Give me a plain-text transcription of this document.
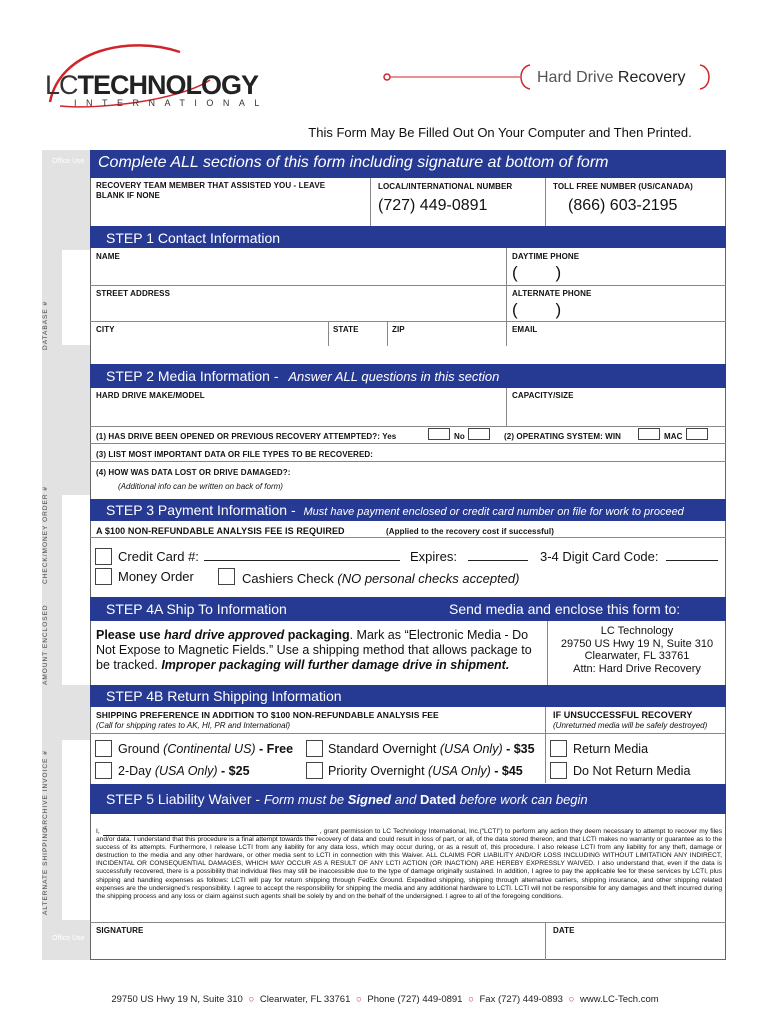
LCTECHNOLOGY
INTERNATIONAL
Hard Drive Recovery
This Form May Be Filled Out On Your Computer and Then Printed.
Office Use
Office Use
Complete ALL sections of this form including signature at bottom of form
RECOVERY TEAM MEMBER THAT ASSISTED YOU - LEAVE BLANK IF NONE
LOCAL/INTERNATIONAL NUMBER
(727) 449-0891
TOLL FREE NUMBER (US/CANADA)
(866) 603-2195
STEP 1 Contact Information
NAME	DAYTIME PHONE
(        )
STREET ADDRESS	ALTERNATE PHONE
(        )
CITY	STATE	ZIP	EMAIL
STEP 2 Media Information - Answer ALL questions in this section
HARD DRIVE MAKE/MODEL	CAPACITY/SIZE
(1) HAS DRIVE BEEN OPENED OR PREVIOUS RECOVERY ATTEMPTED?: Yes	No	(2) OPERATING SYSTEM: WIN	MAC
(3) LIST MOST IMPORTANT DATA OR FILE TYPES TO BE RECOVERED:
(4) HOW WAS DATA LOST OR DRIVE DAMAGED?:
(Additional info can be written on back of form)
STEP 3 Payment Information - Must have payment enclosed or credit card number on file for work to proceed
A $100 NON-REFUNDABLE ANALYSIS FEE IS REQUIRED	(Applied to the recovery cost if successful)
Credit Card #:	Expires:	3-4 Digit Card Code:
Money Order	Cashiers Check (NO personal checks accepted)
STEP 4A Ship To Information	Send media and enclose this form to:
Please use hard drive approved packaging. Mark as “Electronic Media - Do Not Expose to Magnetic Fields.” Use a shipping method that allows package to be tracked. Improper packaging will further damage drive in shipment.
LC Technology
29750 US Hwy 19 N, Suite 310
Clearwater, FL 33761
Attn: Hard Drive Recovery
STEP 4B Return Shipping Information
SHIPPING PREFERENCE IN ADDITION TO $100 NON-REFUNDABLE ANALYSIS FEE
(Call for shipping rates to AK, HI, PR and International)
IF UNSUCCESSFUL RECOVERY
(Unreturned media will be safely destroyed)
Ground (Continental US) - Free	Standard Overnight (USA Only) - $35	Return Media
2-Day (USA Only) - $25	Priority Overnight (USA Only) - $45	Do Not Return Media
STEP 5 Liability Waiver - Form must be Signed and Dated before work can begin
I,	, grant permission to LC Technology International, Inc.(“LCTI”) to perform any action they deem necessary to attempt to recover my files and/or data. I understand that this procedure is a final attempt towards the recovery of data and could result in loss of part, or all, of the data stored thereon, and that LCTI makes no warranty or guarantee as to the success of its attempts. Furthermore, I release LCTI from any liability for any data loss, which may occur during, or as a result of, this procedure. I also release LCTI from any liability for any theft, damage or destruction to the media and any other hardware, or other media sent to LCTI in connection with this Waiver. ALL CLAIMS FOR LIABILITY AND/OR LOSS INCLUDING WITHOUT LIMITATION ANY INDIRECT, INCIDENTAL OR CONSEQUENTIAL DAMAGES, WHICH MAY OCCUR AS A RESULT OF ANY LCTI ACTION (OR INACTION) ARE HEREBY EXPRESSLY WAIVED. I also understand that, even if the data is successfully recovered, there is a possibility that individual files may still be inaccessible due to the type of damage originally sustained. In addition, I agree to pay the applicable fee for these services by LCTI, plus shipping and handling expenses as follows: LCTI will pay for return shipping through FedEx Ground. Expedited shipping, shipping through alternative carriers, shipping insurance, and other shipping related expenses are the undersigned’s responsibility. I agree to accept the responsibility for shipping the media and any additional hardware to LCTI. LCTI will not be responsible for any damages and theft incurred during the shipping process and any loss or claim against such agents shall be solely by and on the behalf of the undersigned. I agree to all of the foregoing conditions.
SIGNATURE	DATE
29750 US Hwy 19 N, Suite 310 ○ Clearwater, FL 33761 ○ Phone (727) 449-0891 ○ Fax (727) 449-0893 ○ www.LC-Tech.com
